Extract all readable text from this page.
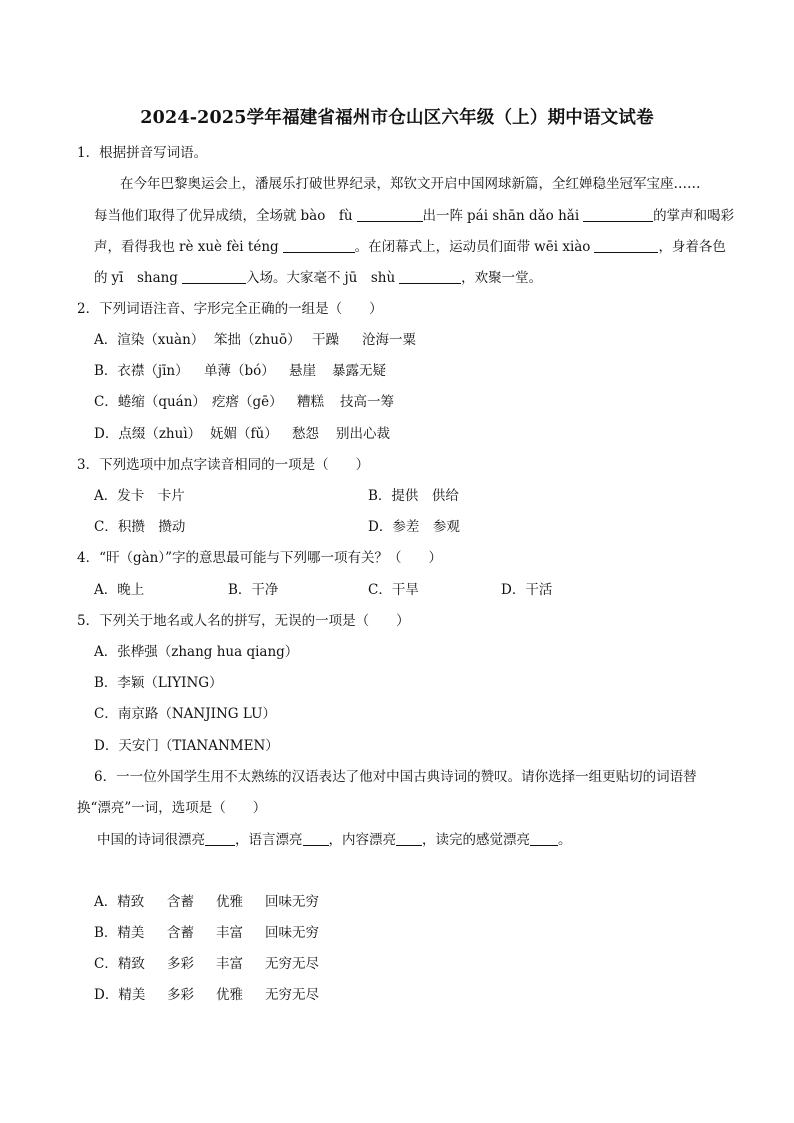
2024-2025学年福建省福州市仓山区六年级（上）期中语文试卷
1．根据拼音写词语。
在今年巴黎奥运会上，潘展乐打破世界纪录，郑钦文开启中国网球新篇，全红婵稳坐冠军宝座……
每当他们取得了优异成绩，全场就 bào　fù	出一阵 pái shān dǎo hǎi	的掌声和喝彩
声，看得我也 rè xuè fèi téng	。在闭幕式上，运动员们面带 wēi xiào	，身着各色
的 yī　shang	入场。大家毫不 jū　shù	，欢聚一堂。
2．下列词语注音、字形完全正确的一组是（　　）
A．渲染（xuàn） 笨拙（zhuō） 干躁 沧海一粟
B．衣襟（jīn） 单薄（bó） 悬崖 暴露无疑
C．蜷缩（quán） 疙瘩（gē） 糟糕 技高一筹
D．点缀（zhuì） 妩媚（fǔ） 愁怨 别出心裁
3．下列选项中加点字读音相同的一项是（　　）
A．发卡　卡片	B．提供　供给
C．积攒　攒动	D．参差　参观
4．“旰（gàn）”字的意思最可能与下列哪一项有关？（　　）
A．晚上	B．干净	C．干旱	D．干活
5．下列关于地名或人名的拼写，无误的一项是（　　）
A．张桦强（zhang hua qiang）
B．李颖（LIYING）
C．南京路（NANJING LU）
D．天安门（TIANANMEN）
6．一一位外国学生用不太熟练的汉语表达了他对中国古典诗词的赞叹。请你选择一组更贴切的词语替
换“漂亮”一词，选项是（　　）
中国的诗词很漂亮 ，语言漂亮 ，内容漂亮 ，读完的感觉漂亮 。
A．精致 含蓄 优雅 回味无穷
B．精美 含蓄 丰富 回味无穷
C．精致 多彩 丰富 无穷无尽
D．精美 多彩 优雅 无穷无尽
